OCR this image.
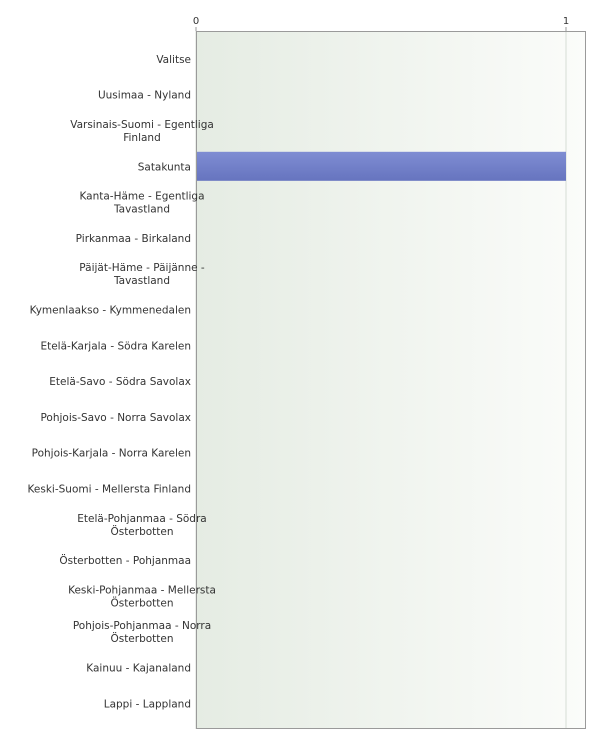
0	1
Valitse
Uusimaa - Nyland
Varsinais-Suomi - Egentliga Finland
Satakunta
Kanta-Häme - Egentliga Tavastland
Pirkanmaa - Birkaland
Päijät-Häme - Päijänne -Tavastland
Kymenlaakso - Kymmenedalen
Etelä-Karjala - Södra Karelen
Etelä-Savo - Södra Savolax
Pohjois-Savo - Norra Savolax
Pohjois-Karjala - Norra Karelen
Keski-Suomi - Mellersta Finland
Etelä-Pohjanmaa - Södra Österbotten
Österbotten - Pohjanmaa
Keski-Pohjanmaa - Mellersta Österbotten
Pohjois-Pohjanmaa - Norra Österbotten
Kainuu - Kajanaland
Lappi - Lappland
